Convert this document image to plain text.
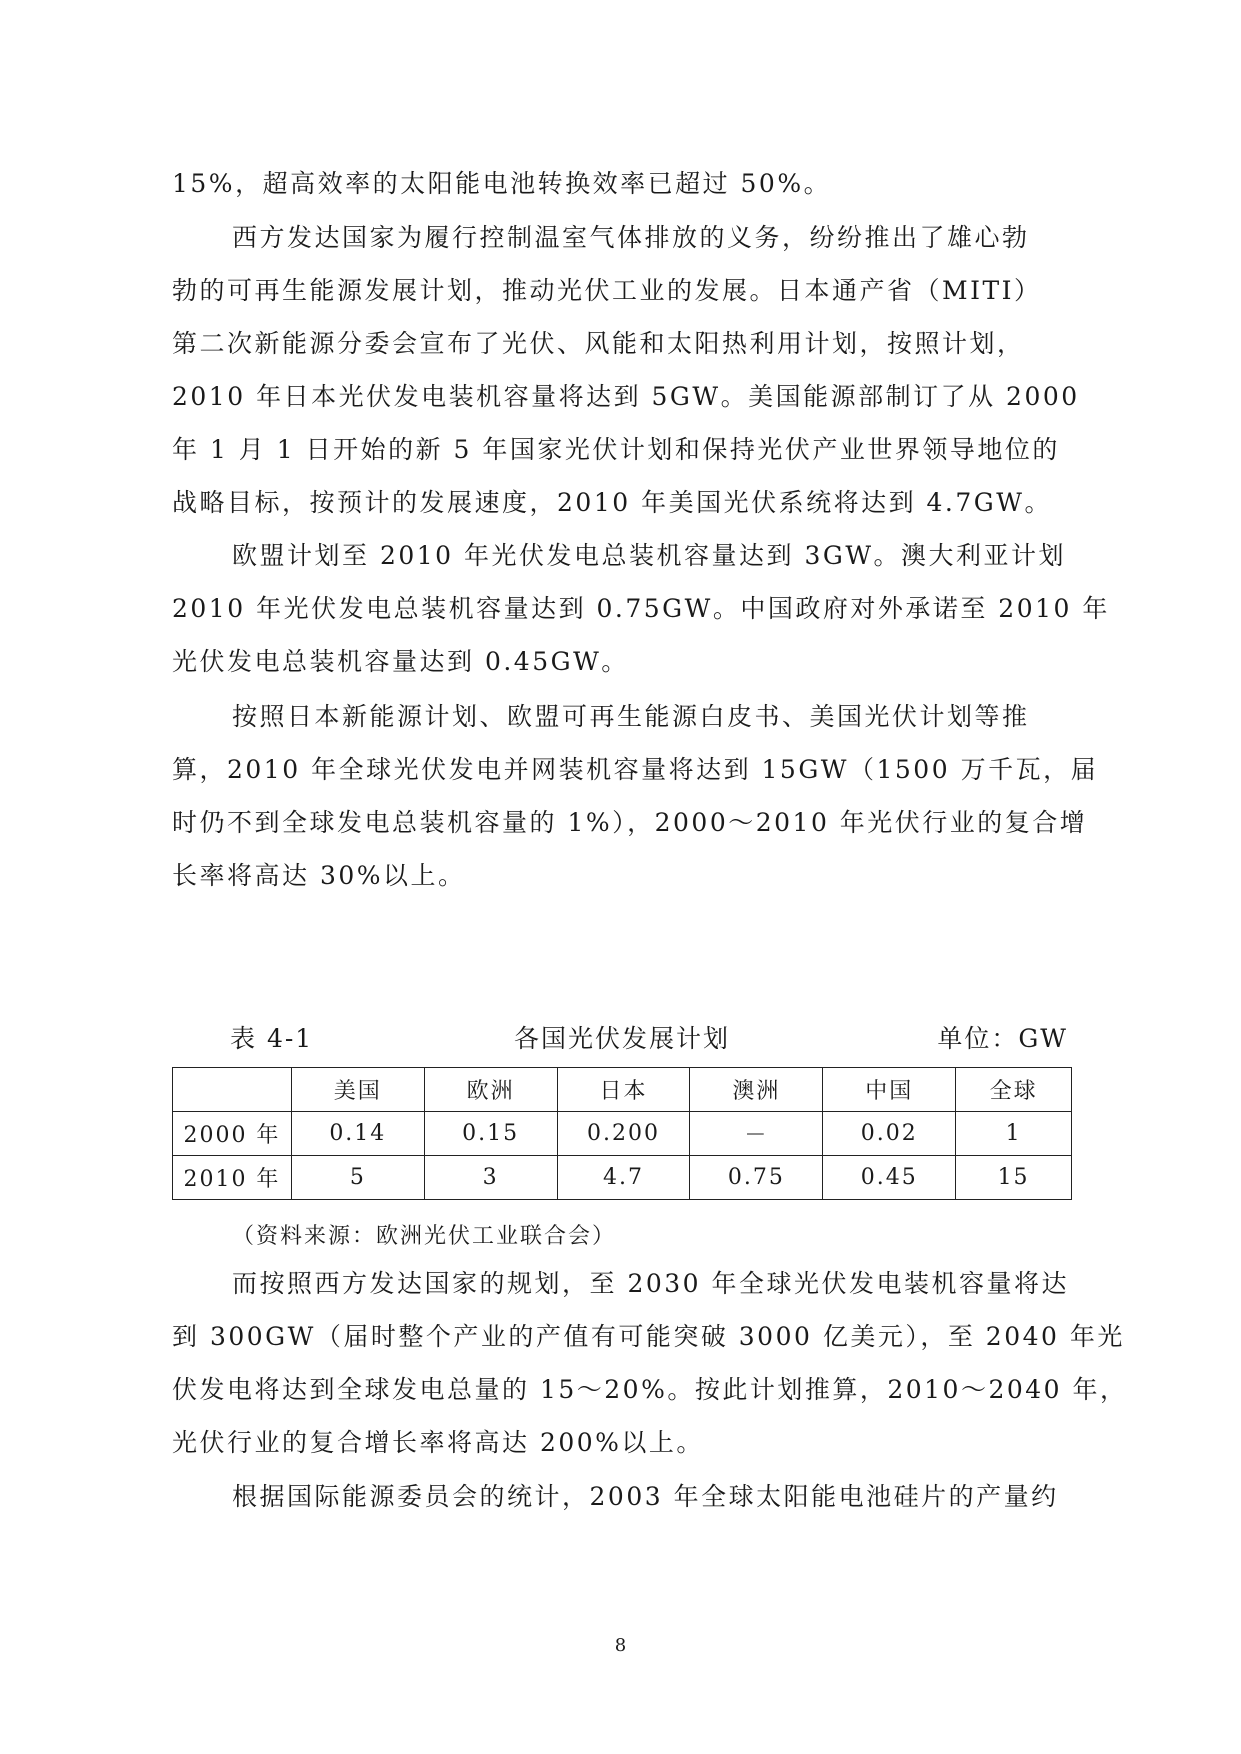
15%，超高效率的太阳能电池转换效率已超过 50%。
西方发达国家为履行控制温室气体排放的义务，纷纷推出了雄心勃
勃的可再生能源发展计划，推动光伏工业的发展。日本通产省（MITI）
第二次新能源分委会宣布了光伏、风能和太阳热利用计划，按照计划，
2010 年日本光伏发电装机容量将达到 5GW。美国能源部制订了从 2000
年 1 月 1 日开始的新 5 年国家光伏计划和保持光伏产业世界领导地位的
战略目标，按预计的发展速度，2010 年美国光伏系统将达到 4.7GW。
欧盟计划至 2010 年光伏发电总装机容量达到 3GW。澳大利亚计划
2010 年光伏发电总装机容量达到 0.75GW。中国政府对外承诺至 2010 年
光伏发电总装机容量达到 0.45GW。
按照日本新能源计划、欧盟可再生能源白皮书、美国光伏计划等推
算，2010 年全球光伏发电并网装机容量将达到 15GW（1500 万千瓦，届
时仍不到全球发电总装机容量的 1%），2000～2010 年光伏行业的复合增
长率将高达 30%以上。
表 4-1	各国光伏发展计划	单位：GW
	美国	欧洲	日本	澳洲	中国	全球
2000 年	0.14	0.15	0.200	－	0.02	1
2010 年	5	3	4.7	0.75	0.45	15
（资料来源：欧洲光伏工业联合会）
而按照西方发达国家的规划，至 2030 年全球光伏发电装机容量将达
到 300GW（届时整个产业的产值有可能突破 3000 亿美元），至 2040 年光
伏发电将达到全球发电总量的 15～20%。按此计划推算，2010～2040 年，
光伏行业的复合增长率将高达 200%以上。
根据国际能源委员会的统计，2003 年全球太阳能电池硅片的产量约
8
